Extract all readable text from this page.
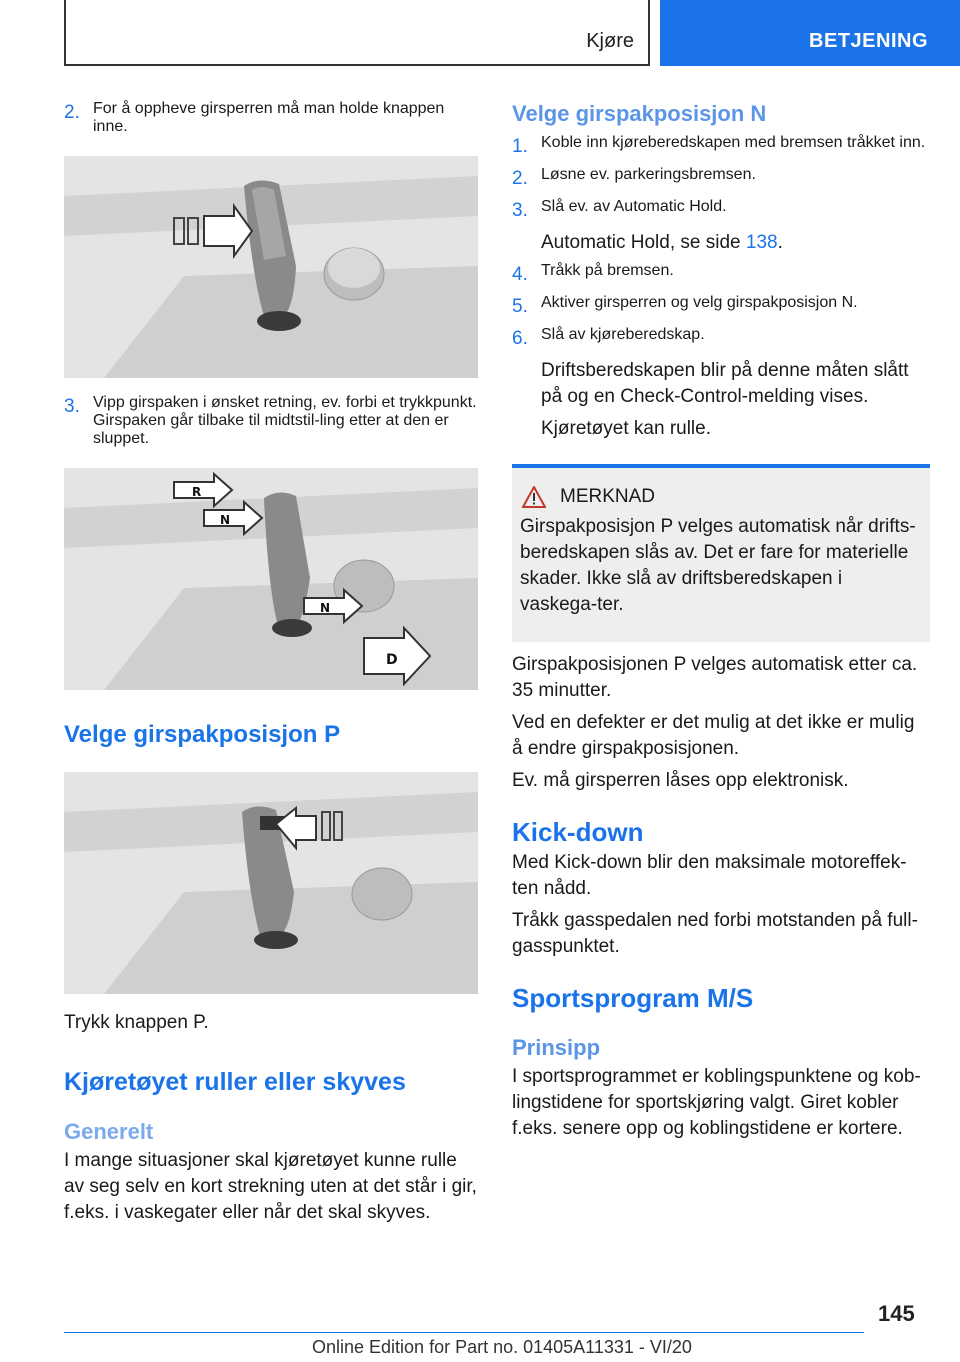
Kjøre	BETJENING
2. For å oppheve girsperren må man holde knappen inne.
3. Vipp girspaken i ønsket retning, ev. forbi et trykkpunkt. Girspaken går tilbake til midtstil-ling etter at den er sluppet.
R
N
N
D
Velge girspakposisjon P

Trykk knappen P.

Kjøretøyet ruller eller skyves
Generelt

I mange situasjoner skal kjøretøyet kunne rulle av seg selv en kort strekning uten at det står i gir, f.eks. i vaskegater eller når det skal skyves.

Velge girspakposisjon N
1. Koble inn kjøreberedskapen med bremsen tråkket inn.
2. Løsne ev. parkeringsbremsen.
3. Slå ev. av Automatic Hold.

Automatic Hold, se side 138.

4. Tråkk på bremsen.
5. Aktiver girsperren og velg girspakposisjon N.
6. Slå av kjøreberedskap.

Driftsberedskapen blir på denne måten slått på og en Check-Control-melding vises.

Kjøretøyet kan rulle.

MERKNAD

Girspakposisjon P velges automatisk når drifts-beredskapen slås av. Det er fare for materielle skader. Ikke slå av driftsberedskapen i vaskega-ter.

Girspakposisjonen P velges automatisk etter ca. 35 minutter.

Ved en defekter er det mulig at det ikke er mulig å endre girspakposisjonen.

Ev. må girsperren låses opp elektronisk.

Kick-down

Med Kick-down blir den maksimale motoreffek-ten nådd.

Tråkk gasspedalen ned forbi motstanden på full-gasspunktet.

Sportsprogram M/S
Prinsipp

I sportsprogrammet er koblingspunktene og kob-lingstidene for sportskjøring valgt. Giret kobler f.eks. senere opp og koblingstidene er kortere.

145
Online Edition for Part no. 01405A11331 - VI/20
